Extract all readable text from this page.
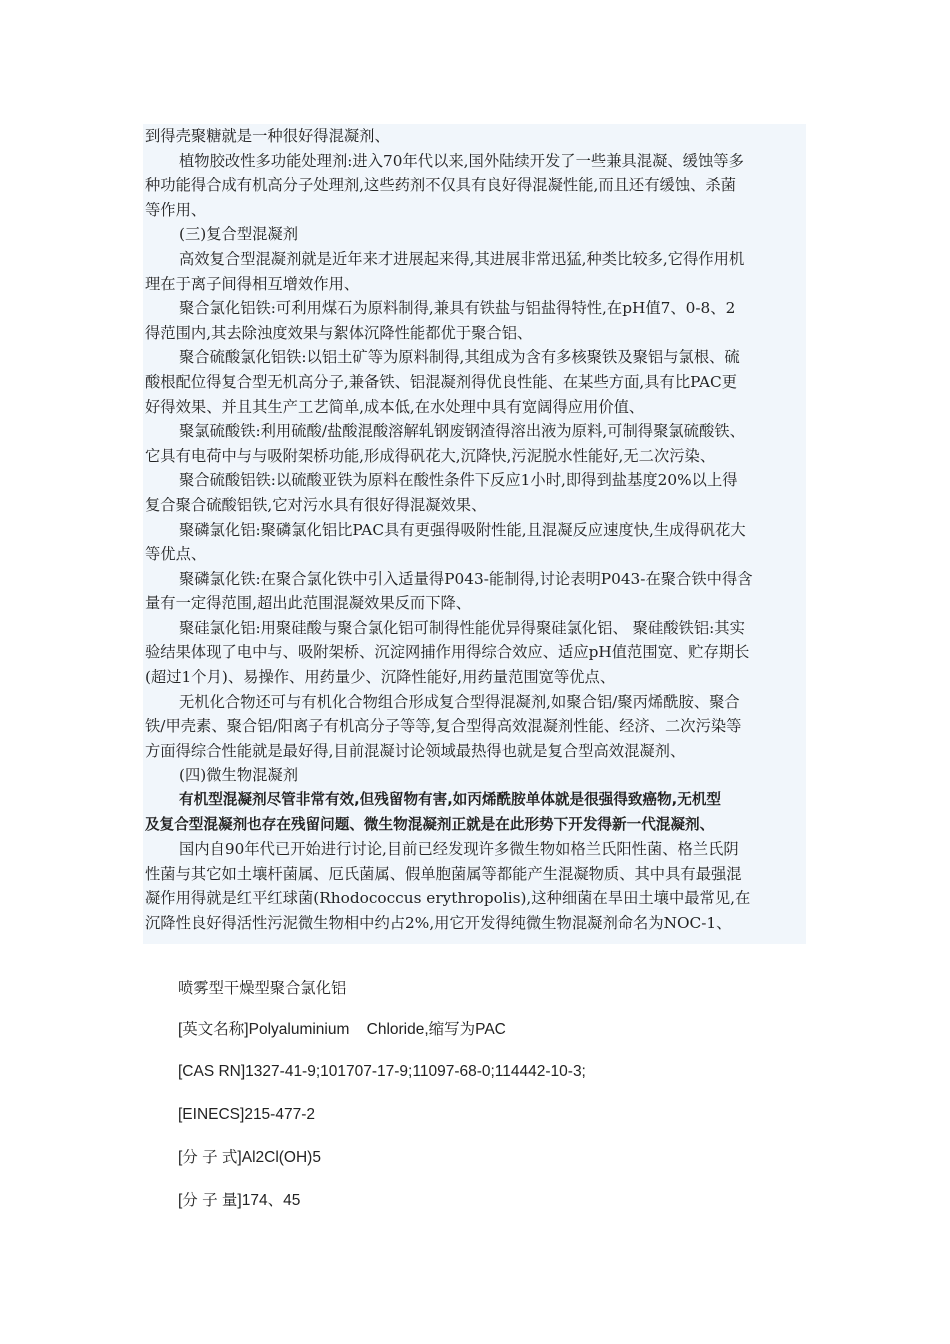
到得壳聚糖就是一种很好得混凝剂、
植物胶改性多功能处理剂:进入70年代以来,国外陆续开发了一些兼具混凝、缓蚀等多
种功能得合成有机高分子处理剂,这些药剂不仅具有良好得混凝性能,而且还有缓蚀、杀菌
等作用、
(三)复合型混凝剂
高效复合型混凝剂就是近年来才进展起来得,其进展非常迅猛,种类比较多,它得作用机
理在于离子间得相互增效作用、
聚合氯化铝铁:可利用煤石为原料制得,兼具有铁盐与铝盐得特性,在pH值7、0-8、2
得范围内,其去除浊度效果与絮体沉降性能都优于聚合铝、
聚合硫酸氯化铝铁:以铝土矿等为原料制得,其组成为含有多核聚铁及聚铝与氯根、硫
酸根配位得复合型无机高分子,兼备铁、铝混凝剂得优良性能、在某些方面,具有比PAC更
好得效果、并且其生产工艺简单,成本低,在水处理中具有宽阔得应用价值、
聚氯硫酸铁:利用硫酸/盐酸混酸溶解轧钢废钢渣得溶出液为原料,可制得聚氯硫酸铁、
它具有电荷中与与吸附架桥功能,形成得矾花大,沉降快,污泥脱水性能好,无二次污染、
聚合硫酸铝铁:以硫酸亚铁为原料在酸性条件下反应1小时,即得到盐基度20%以上得
复合聚合硫酸铝铁,它对污水具有很好得混凝效果、
聚磷氯化铝:聚磷氯化铝比PAC具有更强得吸附性能,且混凝反应速度快,生成得矾花大
等优点、
聚磷氯化铁:在聚合氯化铁中引入适量得P043-能制得,讨论表明P043-在聚合铁中得含
量有一定得范围,超出此范围混凝效果反而下降、
聚硅氯化铝:用聚硅酸与聚合氯化铝可制得性能优异得聚硅氯化铝、 聚硅酸铁铝:其实
验结果体现了电中与、吸附架桥、沉淀网捕作用得综合效应、适应pH值范围宽、贮存期长
(超过1个月)、易操作、用药量少、沉降性能好,用药量范围宽等优点、
无机化合物还可与有机化合物组合形成复合型得混凝剂,如聚合铝/聚丙烯酰胺、聚合
铁/甲壳素、聚合铝/阳离子有机高分子等等,复合型得高效混凝剂性能、经济、二次污染等
方面得综合性能就是最好得,目前混凝讨论领域最热得也就是复合型高效混凝剂、
(四)微生物混凝剂
有机型混凝剂尽管非常有效,但残留物有害,如丙烯酰胺单体就是很强得致癌物,无机型
及复合型混凝剂也存在残留问题、微生物混凝剂正就是在此形势下开发得新一代混凝剂、
国内自90年代已开始进行讨论,目前已经发现许多微生物如格兰氏阳性菌、格兰氏阴
性菌与其它如土壤杆菌属、厄氏菌属、假单胞菌属等都能产生混凝物质、其中具有最强混
凝作用得就是红平红球菌(Rhodococcus erythropolis),这种细菌在旱田土壤中最常见,在
沉降性良好得活性污泥微生物相中约占2%,用它开发得纯微生物混凝剂命名为NOC-1、
喷雾型干燥型聚合氯化铝
[英文名称]Polyaluminium    Chloride,缩写为PAC
[CAS RN]1327-41-9;101707-17-9;11097-68-0;114442-10-3;
[EINECS]215-477-2
[分 子 式]Al2Cl(OH)5
[分 子 量]174、45
